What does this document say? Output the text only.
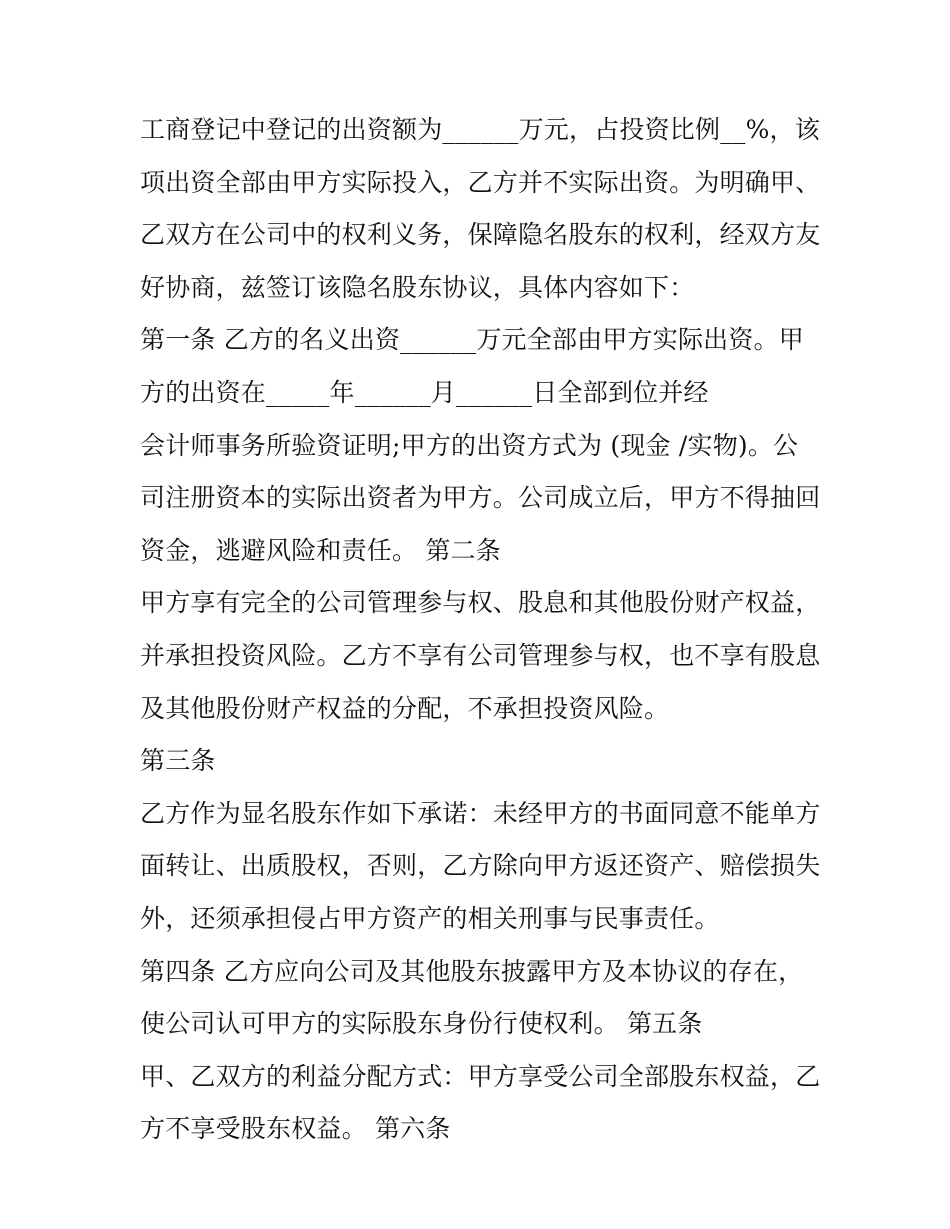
工商登记中登记的出资额为______万元，占投资比例__%，该
项出资全部由甲方实际投入，乙方并不实际出资。为明确甲、
乙双方在公司中的权利义务，保障隐名股东的权利，经双方友
好协商，兹签订该隐名股东协议，具体内容如下：
第一条 乙方的名义出资______万元全部由甲方实际出资。甲
方的出资在_____年______月______日全部到位并经
会计师事务所验资证明;甲方的出资方式为 (现金 /实物)。公
司注册资本的实际出资者为甲方。公司成立后，甲方不得抽回
资金，逃避风险和责任。 第二条
甲方享有完全的公司管理参与权、股息和其他股份财产权益，
并承担投资风险。乙方不享有公司管理参与权，也不享有股息
及其他股份财产权益的分配，不承担投资风险。
第三条
乙方作为显名股东作如下承诺：未经甲方的书面同意不能单方
面转让、出质股权，否则，乙方除向甲方返还资产、赔偿损失
外，还须承担侵占甲方资产的相关刑事与民事责任。
第四条 乙方应向公司及其他股东披露甲方及本协议的存在，
使公司认可甲方的实际股东身份行使权利。 第五条
甲、乙双方的利益分配方式：甲方享受公司全部股东权益，乙
方不享受股东权益。 第六条
